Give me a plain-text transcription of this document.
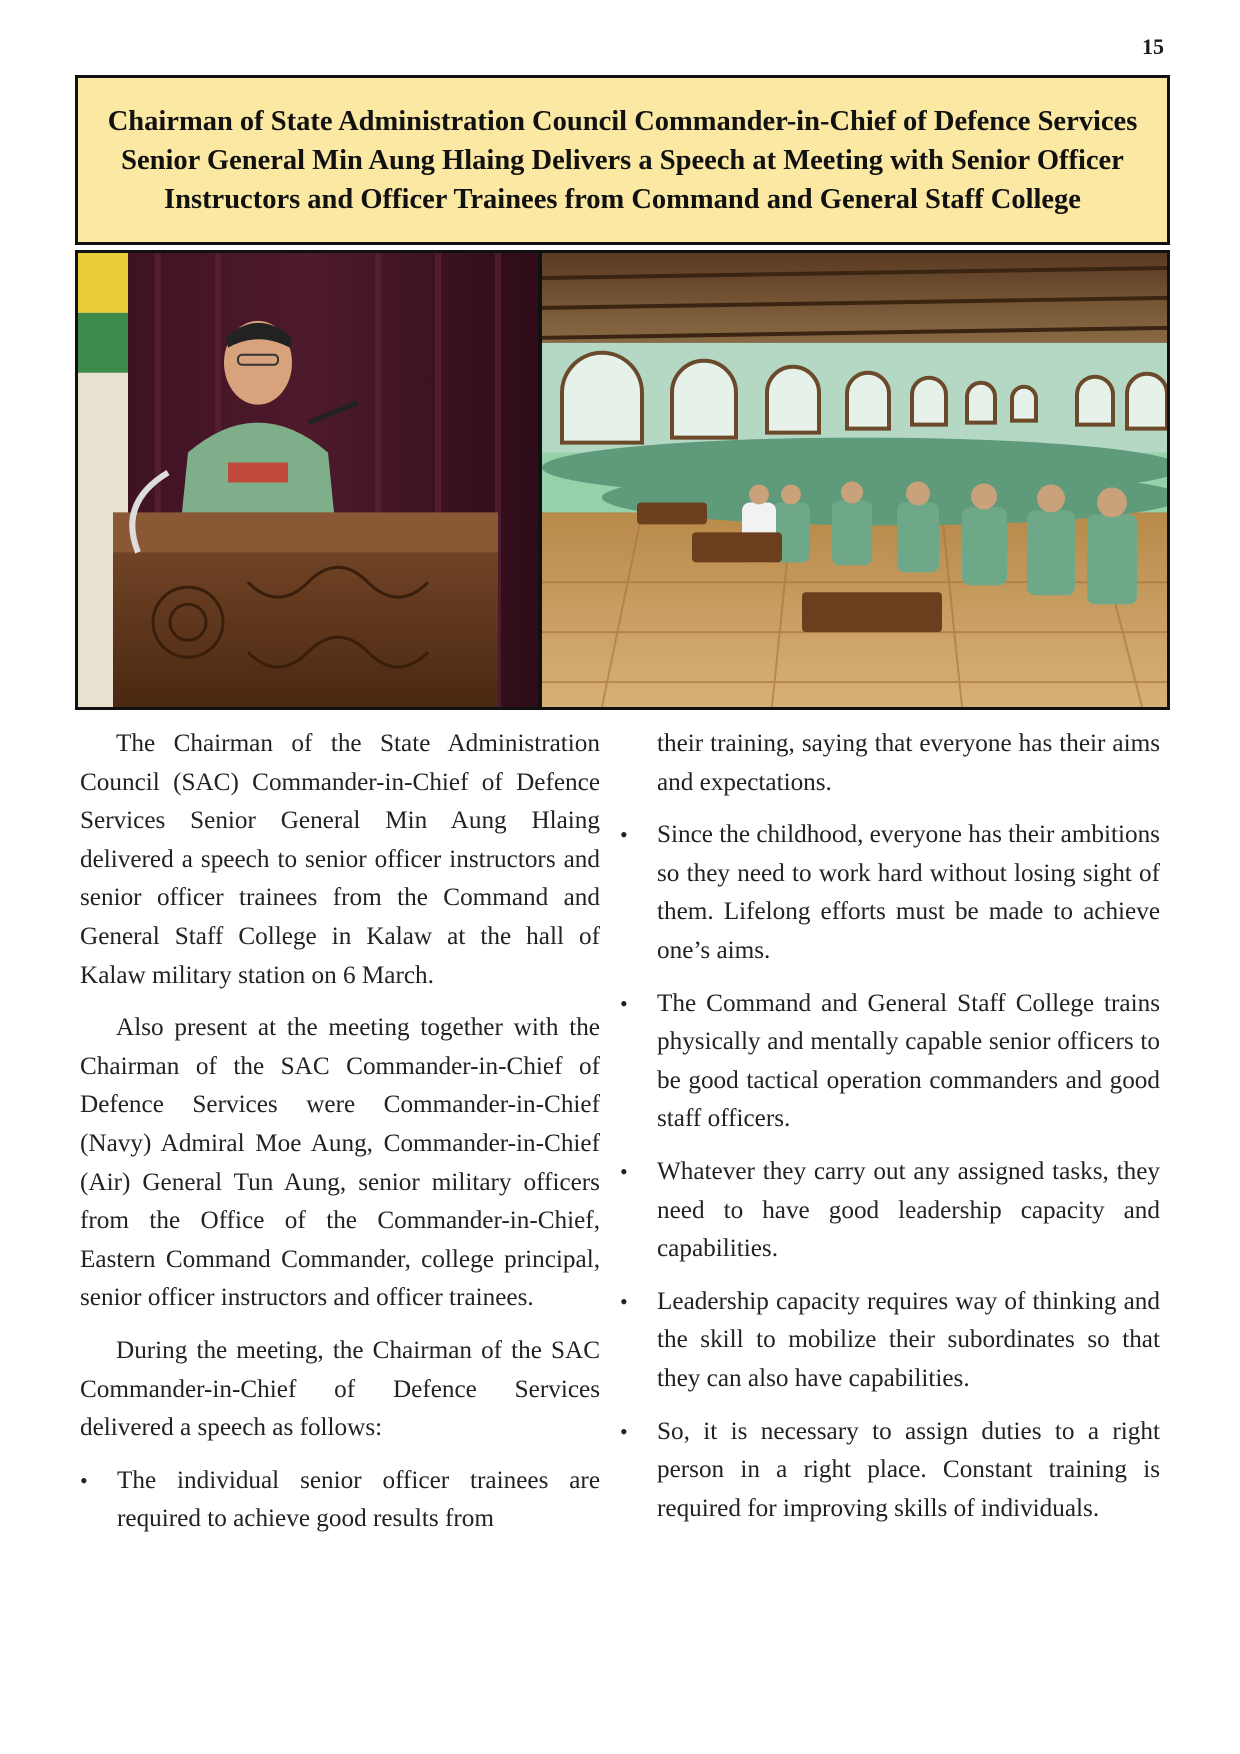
15
Chairman of State Administration Council Commander-in-Chief of Defence Services Senior General Min Aung Hlaing Delivers a Speech at Meeting with Senior Officer Instructors and Officer Trainees from Command and General Staff College

The Chairman of the State Administration Council (SAC) Commander-in-Chief of Defence Services Senior General Min Aung Hlaing delivered a speech to senior officer instructors and senior officer trainees from the Command and General Staff College in Kalaw at the hall of Kalaw military station on 6 March.

Also present at the meeting together with the Chairman of the SAC Commander-in-Chief of Defence Services were Commander-in-Chief (Navy) Admiral Moe Aung, Commander-in-Chief (Air) General Tun Aung, senior military officers from the Office of the Commander-in-Chief, Eastern Command Commander, college principal, senior officer instructors and officer trainees.

During the meeting, the Chairman of the SAC Commander-in-Chief of Defence Services delivered a speech as follows:

• The individual senior officer trainees are required to achieve good results from

their training, saying that everyone has their aims and expectations.

• Since the childhood, everyone has their ambitions so they need to work hard without losing sight of them. Lifelong efforts must be made to achieve one’s aims.
• The Command and General Staff College trains physically and mentally capable senior officers to be good tactical operation commanders and good staff officers.
• Whatever they carry out any assigned tasks, they need to have good leadership capacity and capabilities.
• Leadership capacity requires way of thinking and the skill to mobilize their subordinates so that they can also have capabilities.
• So, it is necessary to assign duties to a right person in a right place. Constant training is required for improving skills of individuals.
